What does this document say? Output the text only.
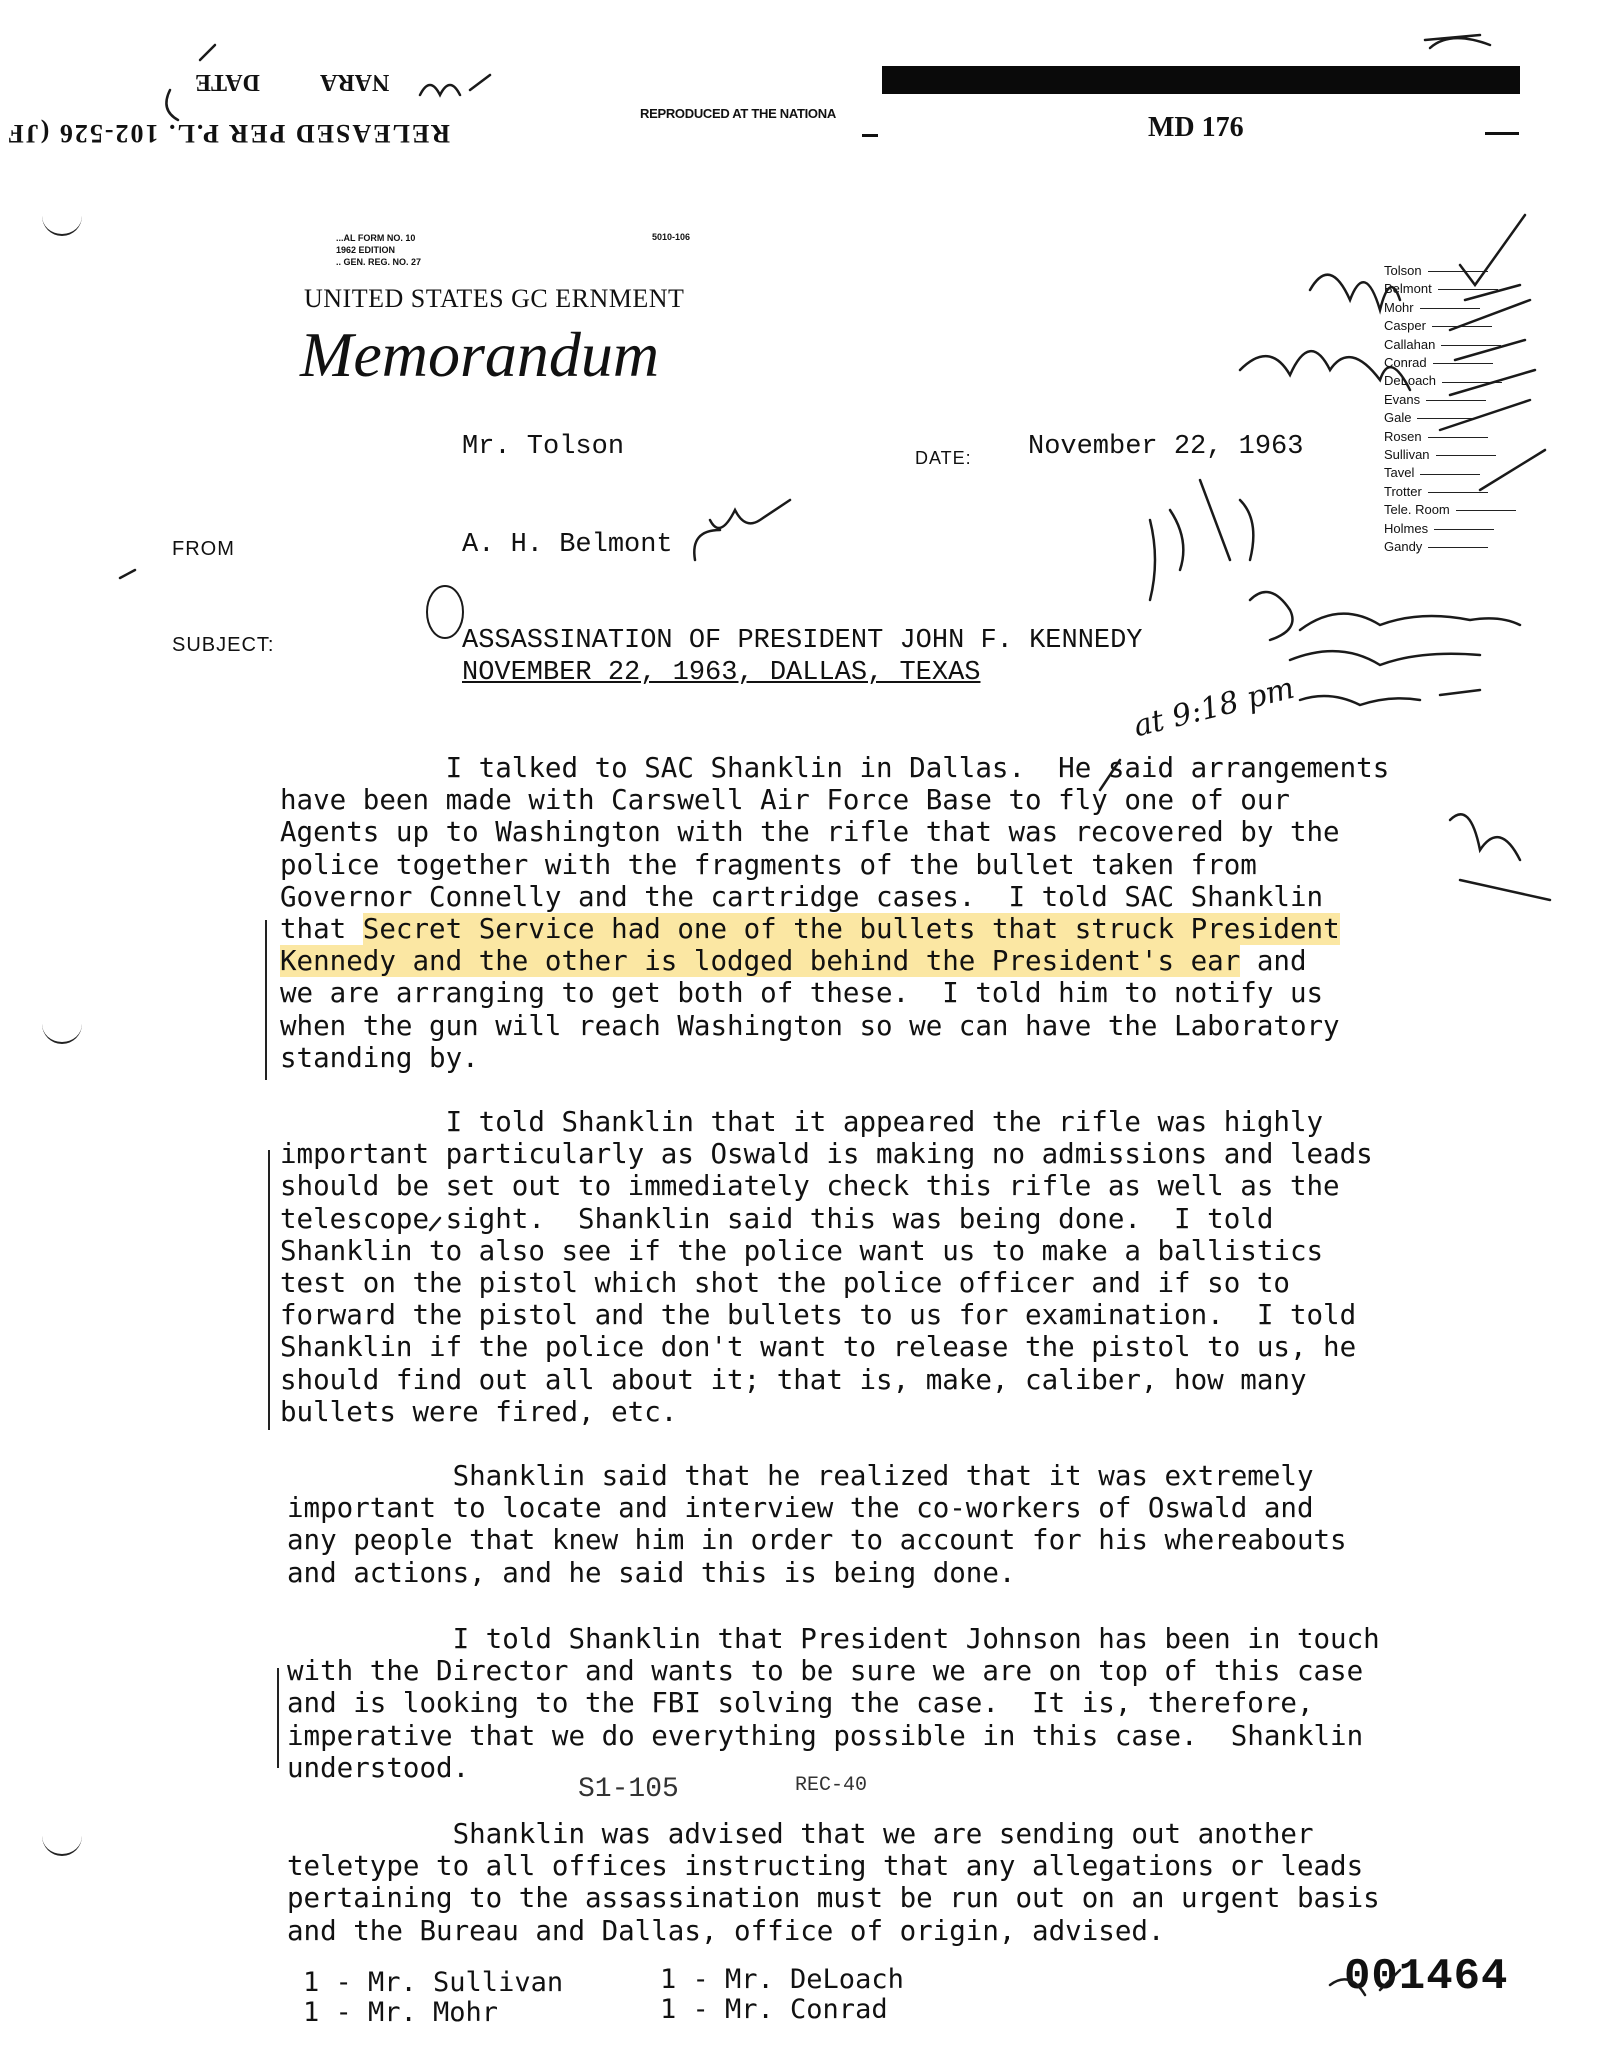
RELEASED PER P.L. 102-526 (JF
NARA
DATE
REPRODUCED AT THE NATIONA	MD 176
...AL FORM NO. 10
1962 EDITION
.. GEN. REG. NO. 27
5010-106
UNITED STATES GC ERNMENT
Memorandum
Mr. Tolson	DATE: November 22, 1963
FROM	A. H. Belmont
SUBJECT:	ASSASSINATION OF PRESIDENT JOHN F. KENNEDY
NOVEMBER 22, 1963, DALLAS, TEXAS
Tolson
Belmont
Mohr
Casper
Callahan
Conrad
DeLoach
Evans
Gale
Rosen
Sullivan
Tavel
Trotter
Tele. Room
Holmes
Gandy
at 9:18 pm
I talked to SAC Shanklin in Dallas.  He said arrangements
have been made with Carswell Air Force Base to fly one of our
Agents up to Washington with the rifle that was recovered by the
police together with the fragments of the bullet taken from
Governor Connelly and the cartridge cases.  I told SAC Shanklin
that Secret Service had one of the bullets that struck President
Kennedy and the other is lodged behind the President's ear and
we are arranging to get both of these.  I told him to notify us
when the gun will reach Washington so we can have the Laboratory
standing by.
I told Shanklin that it appeared the rifle was highly
important particularly as Oswald is making no admissions and leads
should be set out to immediately check this rifle as well as the
telescope sight.  Shanklin said this was being done.  I told
Shanklin to also see if the police want us to make a ballistics
test on the pistol which shot the police officer and if so to
forward the pistol and the bullets to us for examination.  I told
Shanklin if the police don't want to release the pistol to us, he
should find out all about it; that is, make, caliber, how many
bullets were fired, etc.
Shanklin said that he realized that it was extremely
important to locate and interview the co-workers of Oswald and
any people that knew him in order to account for his whereabouts
and actions, and he said this is being done.
I told Shanklin that President Johnson has been in touch
with the Director and wants to be sure we are on top of this case
and is looking to the FBI solving the case.  It is, therefore,
imperative that we do everything possible in this case.  Shanklin
understood.
Shanklin was advised that we are sending out another
teletype to all offices instructing that any allegations or leads
pertaining to the assassination must be run out on an urgent basis
and the Bureau and Dallas, office of origin, advised.
S1-105	REC-40
1 - Mr. Sullivan
1 - Mr. Mohr
1 - Mr. DeLoach
1 - Mr. Conrad
001464
